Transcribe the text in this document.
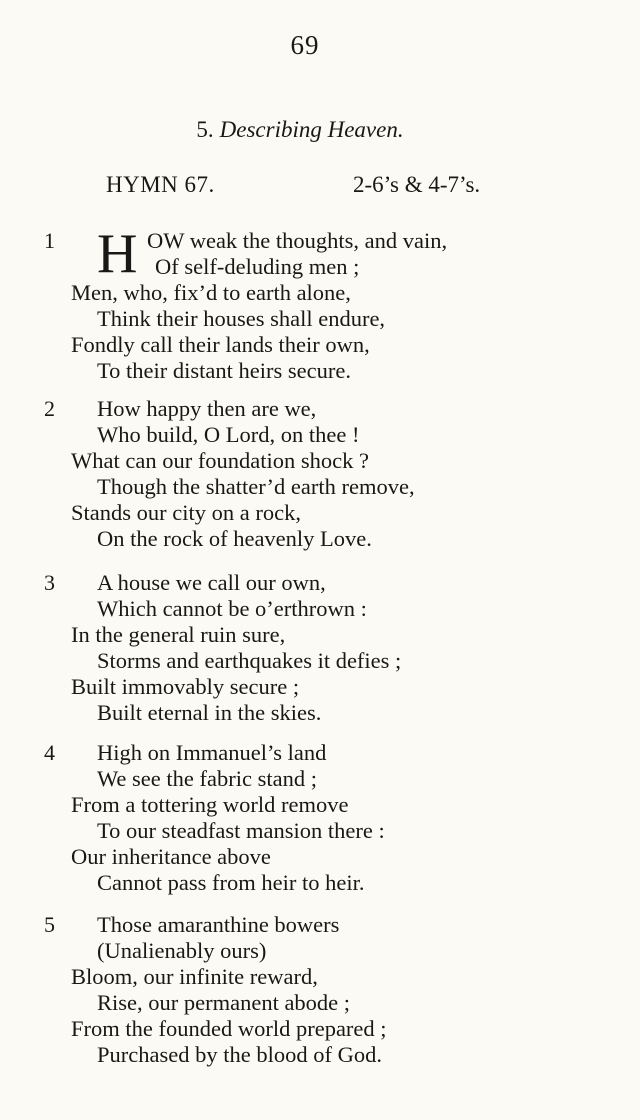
69
5. Describing Heaven.
HYMN 67.	2-6’s & 4-7’s.
1 H OW weak the thoughts, and vain,
Of self-deluding men ;
Men, who, fix’d to earth alone,
Think their houses shall endure,
Fondly call their lands their own,
To their distant heirs secure.
2 How happy then are we,
Who build, O Lord, on thee !
What can our foundation shock ?
Though the shatter’d earth remove,
Stands our city on a rock,
On the rock of heavenly Love.
3 A house we call our own,
Which cannot be o’erthrown :
In the general ruin sure,
Storms and earthquakes it defies ;
Built immovably secure ;
Built eternal in the skies.
4 High on Immanuel’s land
We see the fabric stand ;
From a tottering world remove
To our steadfast mansion there :
Our inheritance above
Cannot pass from heir to heir.
5 Those amaranthine bowers
(Unalienably ours)
Bloom, our infinite reward,
Rise, our permanent abode ;
From the founded world prepared ;
Purchased by the blood of God.
